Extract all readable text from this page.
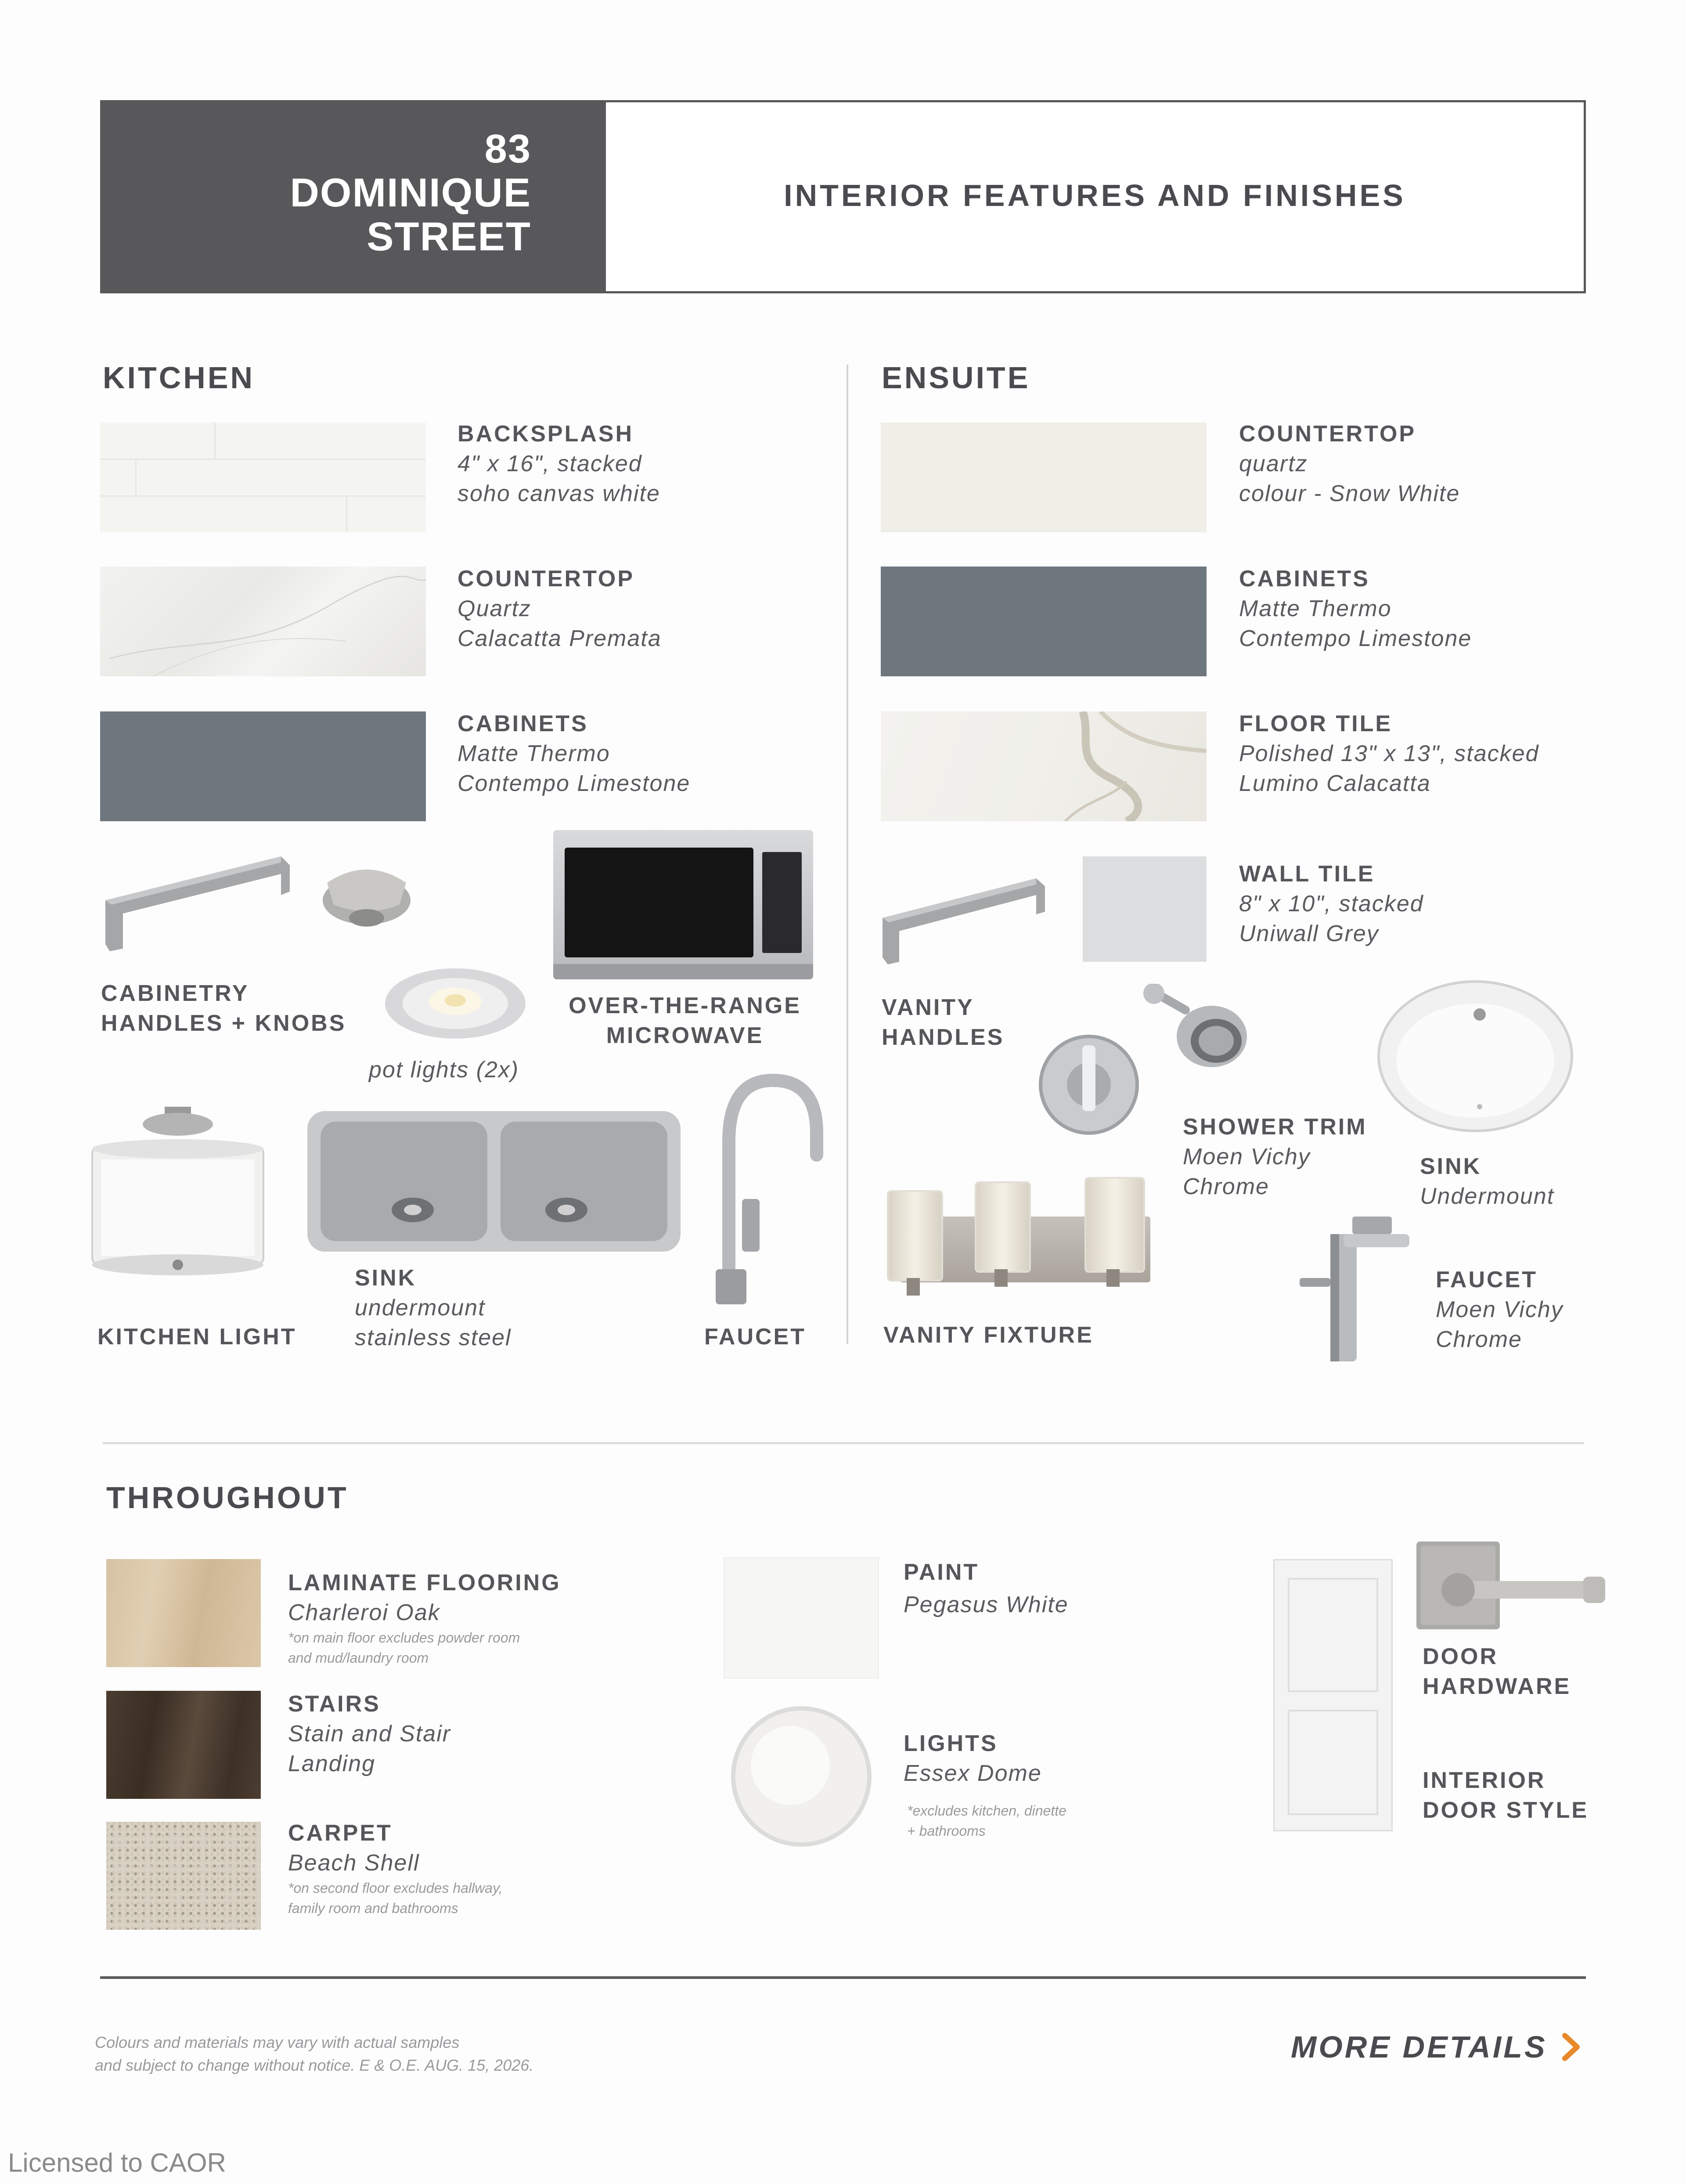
83
DOMINIQUE
STREET
INTERIOR FEATURES AND FINISHES
KITCHEN
BACKSPLASH
4" x 16", stacked
soho canvas white
COUNTERTOP
Quartz
Calacatta Premata
CABINETS
Matte Thermo
Contempo Limestone
CABINETRY
HANDLES + KNOBS
pot lights (2x)
OVER-THE-RANGE
MICROWAVE
KITCHEN LIGHT
SINK
undermount
stainless steel	FAUCET
ENSUITE
COUNTERTOP
quartz
colour - Snow White
CABINETS
Matte Thermo
Contempo Limestone
FLOOR TILE
Polished 13" x 13", stacked
Lumino Calacatta
WALL TILE
8" x 10", stacked
Uniwall Grey
VANITY
HANDLES
SHOWER TRIM
Moen Vichy
Chrome
SINK
Undermount
VANITY FIXTURE
FAUCET
Moen Vichy
Chrome
THROUGHOUT
LAMINATE FLOORING
Charleroi Oak
*on main floor excludes powder room
and mud/laundry room
STAIRS
Stain and Stair
Landing
CARPET
Beach Shell
*on second floor excludes hallway,
family room and bathrooms
PAINT
Pegasus White
LIGHTS
Essex Dome
*excludes kitchen, dinette
+ bathrooms
DOOR
HARDWARE
INTERIOR
DOOR STYLE
Colours and materials may vary with actual samples
and subject to change without notice. E & O.E. AUG. 15, 2026.
MORE DETAILS
Licensed to CAOR
